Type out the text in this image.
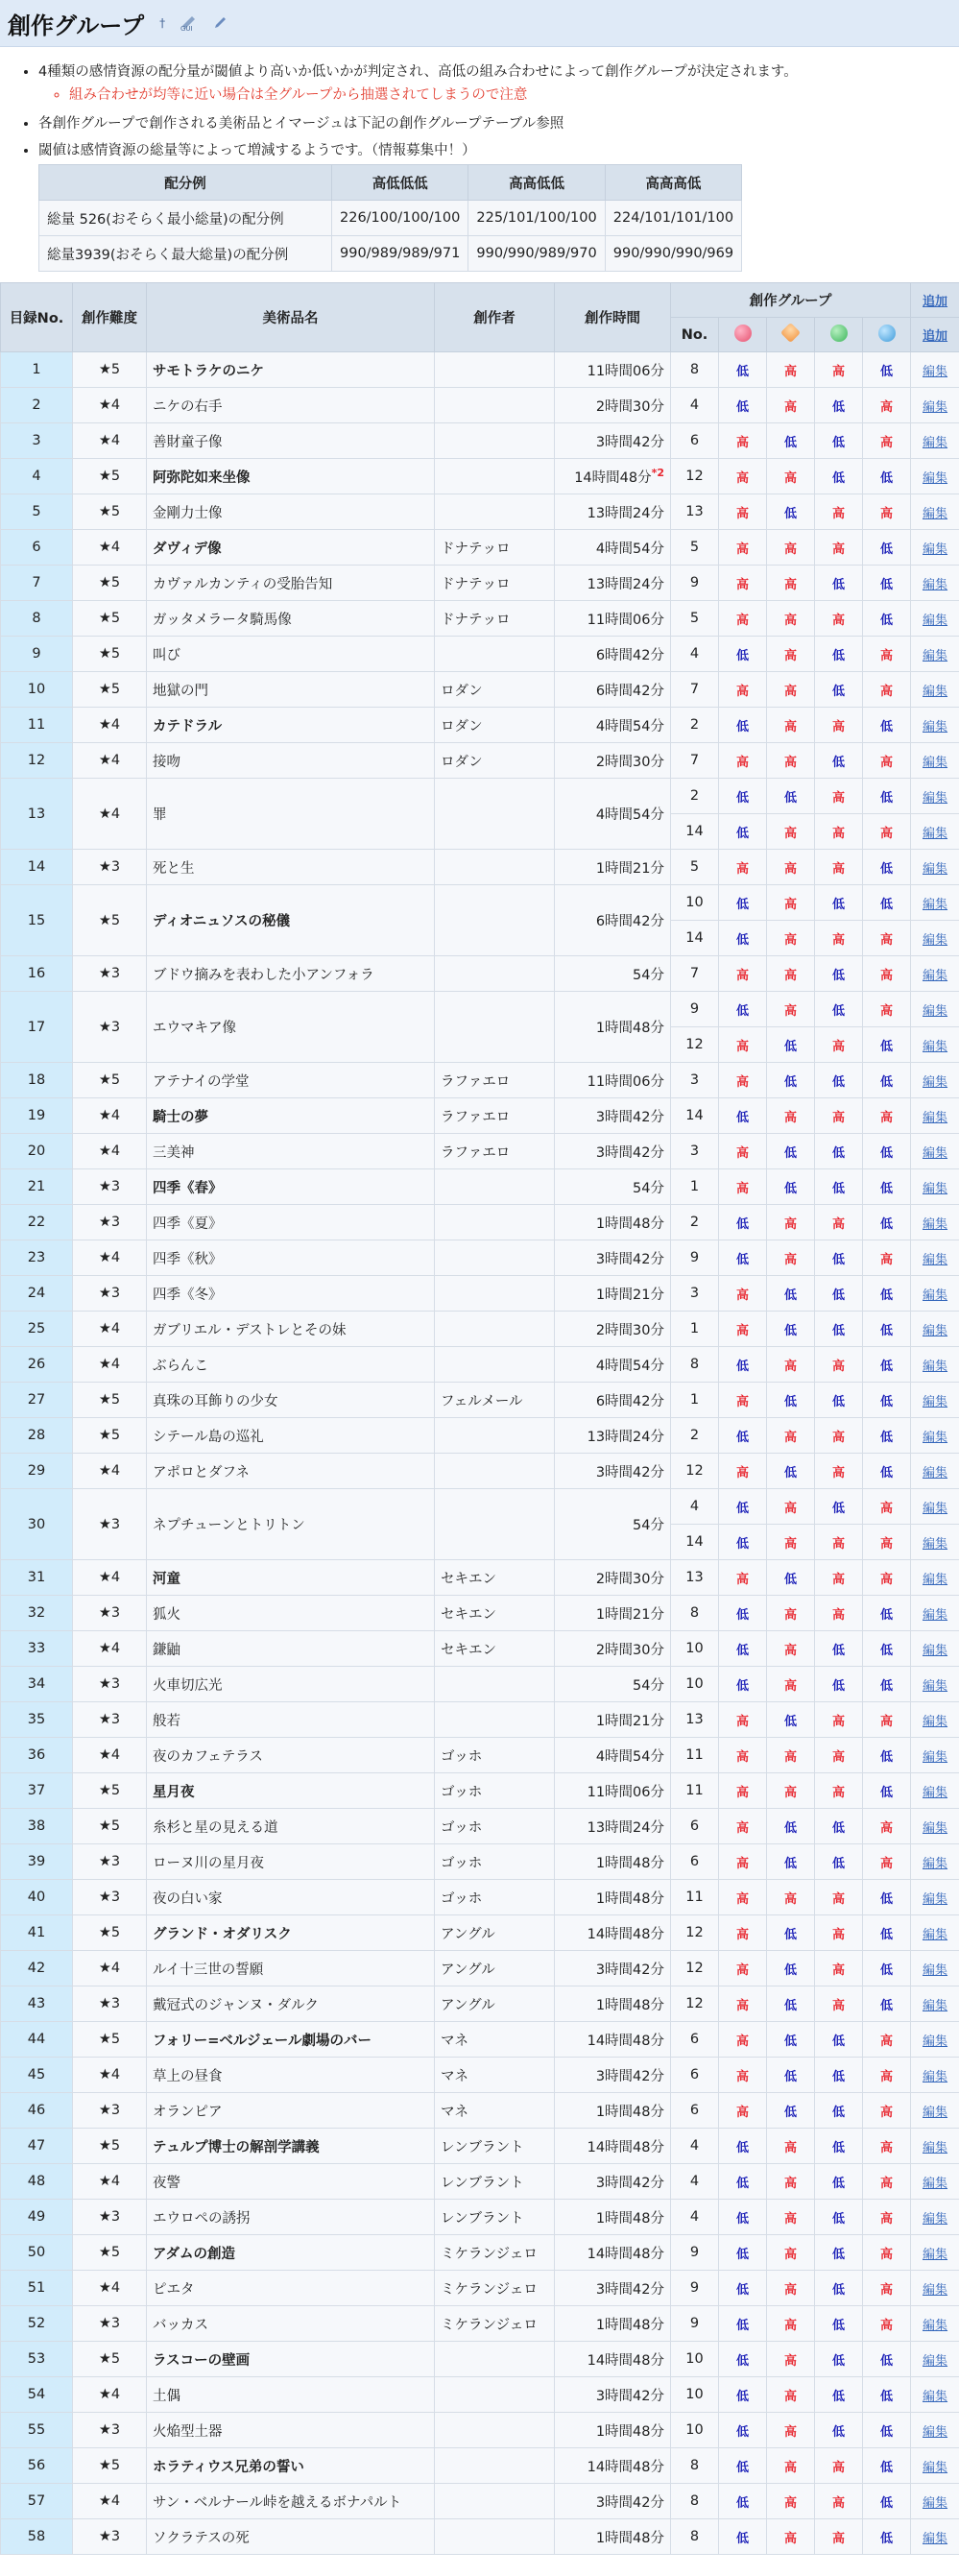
創作グループ † GUI
• 4種類の感情資源の配分量が閾値より高いか低いかが判定され、高低の組み合わせによって創作グループが決定されます。
◦ 組み合わせが均等に近い場合は全グループから抽選されてしまうので注意
• 各創作グループで創作される美術品とイマージュは下記の創作グループテーブル参照
• 閾値は感情資源の総量等によって増減するようです。（情報募集中！）
配分例	高低低低	高高低低	高高高低
総量 526(おそらく最小総量)の配分例	226/100/100/100	225/101/100/100	224/101/101/100
総量3939(おそらく最大総量)の配分例	990/989/989/971	990/990/989/970	990/990/990/969
目録No.	創作難度	美術品名	創作者	創作時間	創作グループ					追加
					No.					追加
1	★5	サモトラケのニケ		11時間06分	8	低	高	高	低	編集
2	★4	ニケの右手		2時間30分	4	低	高	低	高	編集
3	★4	善財童子像		3時間42分	6	高	低	低	高	編集
4	★5	阿弥陀如来坐像		14時間48分$^{*2}$	12	高	高	低	低	編集
5	★5	金剛力士像		13時間24分	13	高	低	高	高	編集
6	★4	ダヴィデ像	ドナテッロ	4時間54分	5	高	高	高	低	編集
7	★5	カヴァルカンティの受胎告知	ドナテッロ	13時間24分	9	高	高	低	低	編集
8	★5	ガッタメラータ騎馬像	ドナテッロ	11時間06分	5	高	高	高	低	編集
9	★5	叫び		6時間42分	4	低	高	低	高	編集
10	★5	地獄の門	ロダン	6時間42分	7	高	高	低	高	編集
11	★4	カテドラル	ロダン	4時間54分	2	低	高	高	低	編集
12	★4	接吻	ロダン	2時間30分	7	高	高	低	高	編集
13	★4	罪		4時間54分	2	低	低	高	低	編集
					14	低	高	高	高	編集
14	★3	死と生		1時間21分	5	高	高	高	低	編集
15	★5	ディオニュソスの秘儀		6時間42分	10	低	高	低	低	編集
					14	低	高	高	高	編集
16	★3	ブドウ摘みを表わした小アンフォラ		54分	7	高	高	低	高	編集
17	★3	エウマキア像		1時間48分	9	低	高	低	高	編集
					12	高	低	高	低	編集
18	★5	アテナイの学堂	ラファエロ	11時間06分	3	高	低	低	低	編集
19	★4	騎士の夢	ラファエロ	3時間42分	14	低	高	高	高	編集
20	★4	三美神	ラファエロ	3時間42分	3	高	低	低	低	編集
21	★3	四季《春》		54分	1	高	低	低	低	編集
22	★3	四季《夏》		1時間48分	2	低	高	高	低	編集
23	★4	四季《秋》		3時間42分	9	低	高	低	高	編集
24	★3	四季《冬》		1時間21分	3	高	低	低	低	編集
25	★4	ガブリエル・デストレとその妹		2時間30分	1	高	低	低	低	編集
26	★4	ぶらんこ		4時間54分	8	低	高	高	低	編集
27	★5	真珠の耳飾りの少女	フェルメール	6時間42分	1	高	低	低	低	編集
28	★5	シテール島の巡礼		13時間24分	2	低	高	高	低	編集
29	★4	アポロとダフネ		3時間42分	12	高	低	高	低	編集
30	★3	ネプチューンとトリトン		54分	4	低	高	低	高	編集
					14	低	高	高	高	編集
31	★4	河童	セキエン	2時間30分	13	高	低	高	高	編集
32	★3	狐火	セキエン	1時間21分	8	低	高	高	低	編集
33	★4	鎌鼬	セキエン	2時間30分	10	低	高	低	低	編集
34	★3	火車切広光		54分	10	低	高	低	低	編集
35	★3	般若		1時間21分	13	高	低	高	高	編集
36	★4	夜のカフェテラス	ゴッホ	4時間54分	11	高	高	高	低	編集
37	★5	星月夜	ゴッホ	11時間06分	11	高	高	高	低	編集
38	★5	糸杉と星の見える道	ゴッホ	13時間24分	6	高	低	低	高	編集
39	★3	ローヌ川の星月夜	ゴッホ	1時間48分	6	高	低	低	高	編集
40	★3	夜の白い家	ゴッホ	1時間48分	11	高	高	高	低	編集
41	★5	グランド・オダリスク	アングル	14時間48分	12	高	低	高	低	編集
42	★4	ルイ十三世の誓願	アングル	3時間42分	12	高	低	高	低	編集
43	★3	戴冠式のジャンヌ・ダルク	アングル	1時間48分	12	高	低	高	低	編集
44	★5	フォリー=ベルジェール劇場のバー	マネ	14時間48分	6	高	低	低	高	編集
45	★4	草上の昼食	マネ	3時間42分	6	高	低	低	高	編集
46	★3	オランピア	マネ	1時間48分	6	高	低	低	高	編集
47	★5	テュルプ博士の解剖学講義	レンブラント	14時間48分	4	低	高	低	高	編集
48	★4	夜警	レンブラント	3時間42分	4	低	高	低	高	編集
49	★3	エウロペの誘拐	レンブラント	1時間48分	4	低	高	低	高	編集
50	★5	アダムの創造	ミケランジェロ	14時間48分	9	低	高	低	高	編集
51	★4	ピエタ	ミケランジェロ	3時間42分	9	低	高	低	高	編集
52	★3	バッカス	ミケランジェロ	1時間48分	9	低	高	低	高	編集
53	★5	ラスコーの壁画		14時間48分	10	低	高	低	低	編集
54	★4	土偶		3時間42分	10	低	高	低	低	編集
55	★3	火焔型土器		1時間48分	10	低	高	低	低	編集
56	★5	ホラティウス兄弟の誓い		14時間48分	8	低	高	高	低	編集
57	★4	サン・ベルナール峠を越えるボナパルト		3時間42分	8	低	高	高	低	編集
58	★3	ソクラテスの死		1時間48分	8	低	高	高	低	編集
